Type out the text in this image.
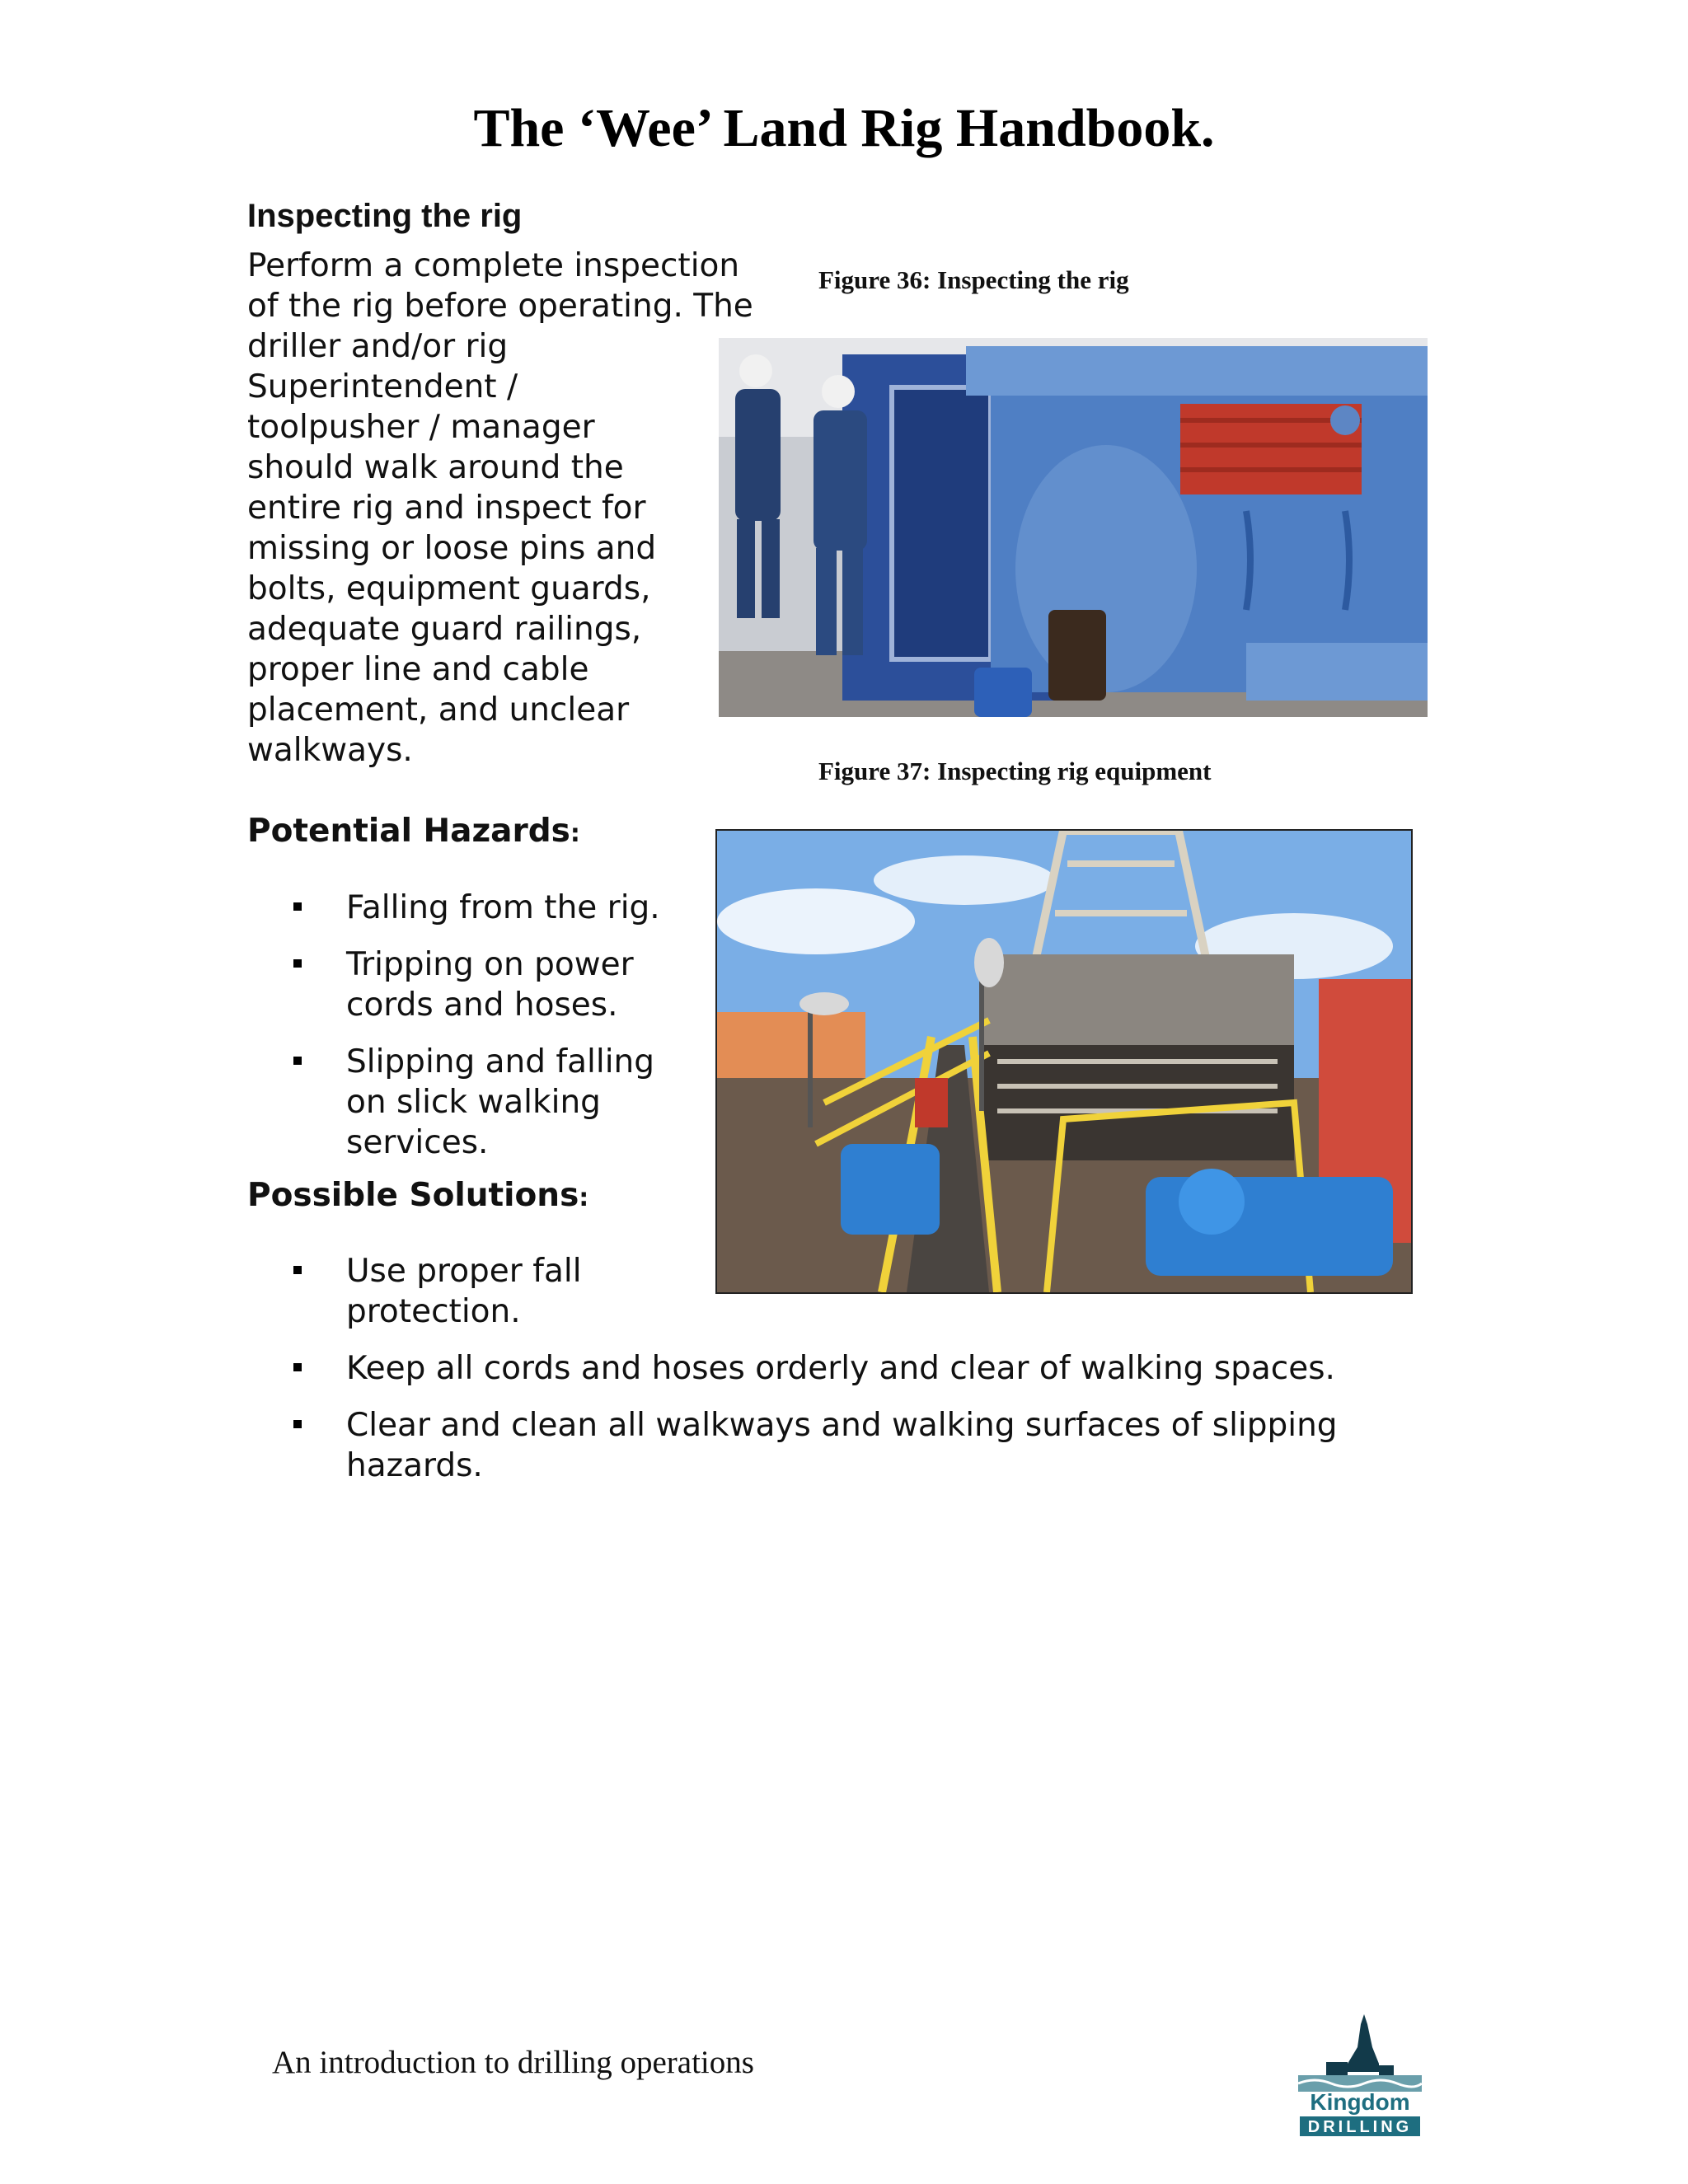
The ‘Wee’ Land Rig Handbook.
Inspecting the rig
Perform a complete inspection
of the rig before operating. The
driller and/or rig
Superintendent /
toolpusher / manager
should walk around the
entire rig and inspect for
missing or loose pins and
bolts, equipment guards,
adequate guard railings,
proper line and cable
placement, and unclear
walkways.
Potential Hazards:
Falling from the rig.
Tripping on power
cords and hoses.
Slipping and falling
on slick walking
services.
Possible Solutions:
Use proper fall
protection.
Keep all cords and hoses orderly and clear of walking spaces.
Clear and clean all walkways and walking surfaces of slipping
hazards.
Figure 36: Inspecting the rig
Figure 37: Inspecting rig equipment
An introduction to drilling operations
Kingdom
DRILLING
